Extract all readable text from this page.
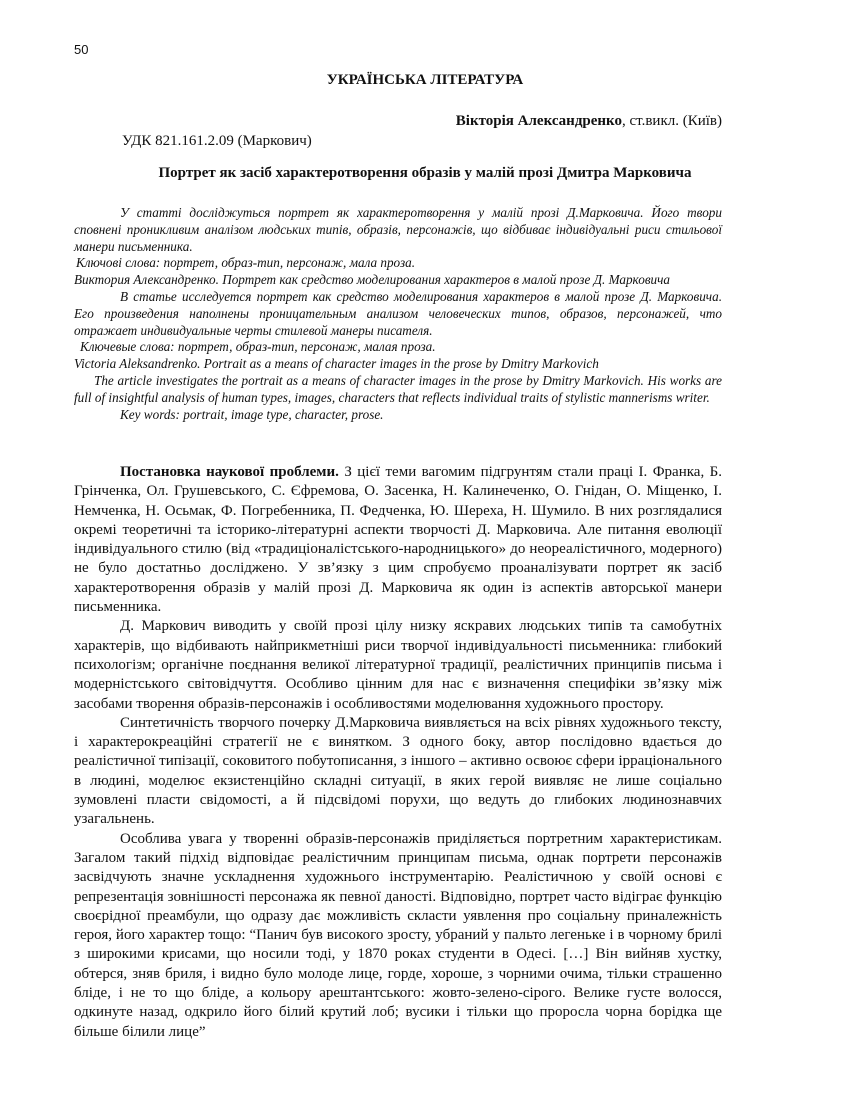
50
УКРАЇНСЬКА ЛІТЕРАТУРА
Вікторія Александренко, ст.викл. (Київ)
УДК 821.161.2.09 (Маркович)
Портрет як засіб характеротворення образів у малій прозі Дмитра Марковича

У статті досліджуться портрет як характеротворення у малій прозі Д.Марковича. Його твори сповнені проникливим аналізом людських типів, образів, персонажів, що відбиває індивідуальні риси стильової манери письменника.

Ключові слова: портрет, образ-тип, персонаж, мала проза.

Виктория Александренко. Портрет как средство моделирования характеров в малой прозе Д. Марковича

В статье исследуется портрет как средство моделирования характеров в малой прозе Д. Марковича. Его произведения наполнены проницательным анализом человеческих типов, образов, персонажей, что отражает индивидуальные черты стилевой манеры писателя.

Ключевые слова: портрет, образ-тип, персонаж, малая проза.

Victoria Aleksandrenko. Portrait as a means of character images in the prose by Dmitry Markovich

The article investigates the portrait as a means of character images in the prose by Dmitry Markovich. His works are full of insightful analysis of human types, images, characters that reflects individual traits of stylistic mannerisms writer.

Key words: portrait, image type, character, prose.

Постановка наукової проблеми. З цієї теми вагомим підгрунтям стали праці І. Франка, Б. Грінченка, Ол. Грушевського, С. Єфремова, О. Засенка, Н. Калинеченко, О. Гнідан, О. Міщенко, І. Немченка, Н. Осьмак, Ф. Погребенника, П. Федченка, Ю. Шереха, Н. Шумило. В них розглядалися окремі теоретичні та історико-літературні аспекти творчості Д. Марковича. Але питання еволюції індивідуального стилю (від «традиціоналістського-народницького» до неореалістичного, модерного) не було достатньо досліджено. У зв’язку з цим спробуємо проаналізувати портрет як засіб характеротворення образів у малій прозі Д. Марковича як один із аспектів авторської манери письменника.

Д. Маркович виводить у своїй прозі цілу низку яскравих людських типів та самобутніх характерів, що відбивають найприкметніші риси творчої індивідуальності письменника: глибокий психологізм; органічне поєднання великої літературної традиції, реалістичних принципів письма і модерністського світовідчуття. Особливо цінним для нас є визначення специфіки зв’язку між засобами творення образів-персонажів і особливостями моделювання художнього простору.

Синтетичність творчого почерку Д.Марковича виявляється на всіх рівнях художнього тексту, і характерокреаційні стратегії не є винятком. З одного боку, автор послідовно вдається до реалістичної типізації, соковитого побутописання, з іншого – активно освоює сфери ірраціонального в людині, моделює екзистенційно складні ситуації, в яких герой виявляє не лише соціально зумовлені пласти свідомості, а й підсвідомі порухи, що ведуть до глибоких людинознавчих узагальнень.

Особлива увага у творенні образів-персонажів приділяється портретним характеристикам. Загалом такий підхід відповідає реалістичним принципам письма, однак портрети персонажів засвідчують значне ускладнення художнього інструментарію. Реалістичною у своїй основі є репрезентація зовнішності персонажа як певної даності. Відповідно, портрет часто відіграє функцію своєрідної преамбули, що одразу дає можливість скласти уявлення про соціальну приналежність героя, його характер тощо: “Панич був високого зросту, убраний у пальто легеньке і в чорному брилі з широкими крисами, що носили тоді, у 1870 роках студенти в Одесі. […] Він вийняв хустку, обтерся, зняв бриля, і видно було молоде лице, горде, хороше, з чорними очима, тільки страшенно бліде, і не то що бліде, а кольору арештантського: жовто-зелено-сірого. Велике густе волосся, одкинуте назад, одкрило його білий крутий лоб; вусики і тільки що проросла чорна борідка ще більше білили лице”
